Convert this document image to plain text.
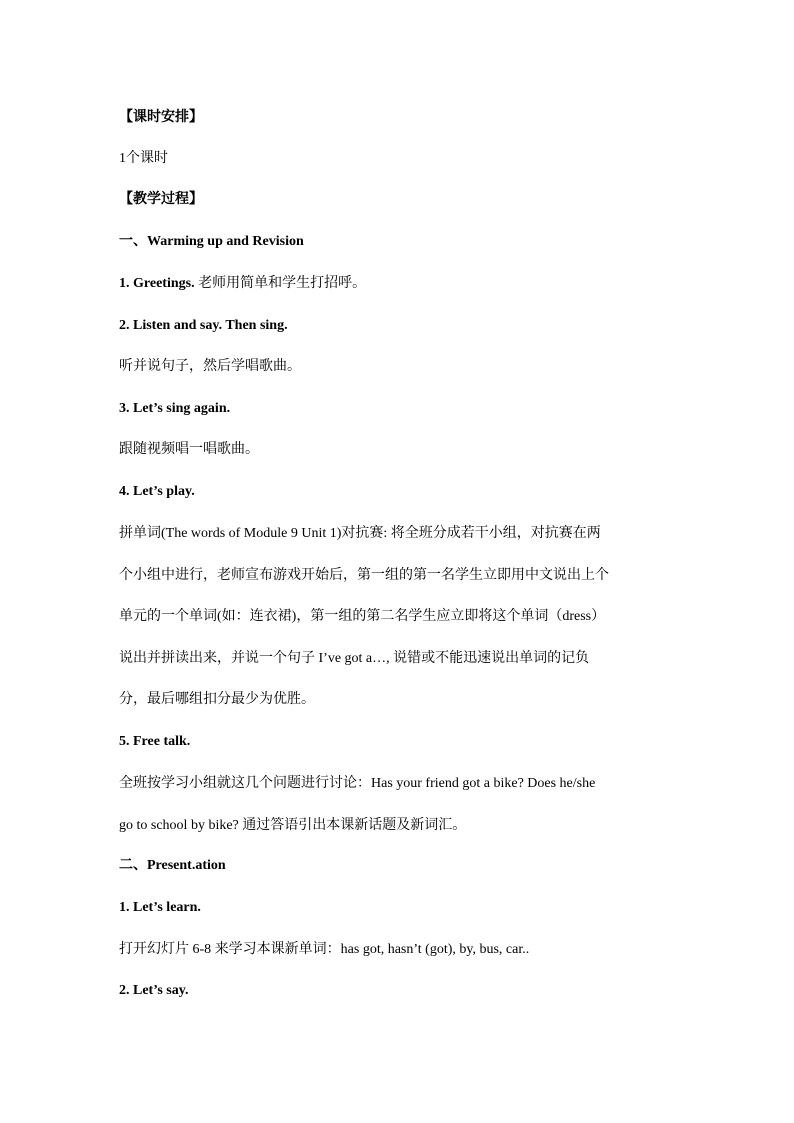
【课时安排】
1个课时
【教学过程】
一、Warming up and Revision
1. Greetings. 老师用简单和学生打招呼。
2. Listen and say. Then sing.
听并说句子，然后学唱歌曲。
3. Let’s sing again.
跟随视频唱一唱歌曲。
4. Let’s play.
拼单词(The words of Module 9 Unit 1)对抗赛: 将全班分成若干小组，对抗赛在两
个小组中进行，老师宣布游戏开始后，第一组的第一名学生立即用中文说出上个
单元的一个单词(如：连衣裙)，第一组的第二名学生应立即将这个单词（dress）
说出并拼读出来，并说一个句子 I’ve got a…, 说错或不能迅速说出单词的记负
分，最后哪组扣分最少为优胜。
5. Free talk.
全班按学习小组就这几个问题进行讨论：Has your friend got a bike? Does he/she
go to school by bike? 通过答语引出本课新话题及新词汇。
二、Present.ation
1. Let’s learn.
打开幻灯片 6-8 来学习本课新单词：has got, hasn’t (got), by, bus, car..
2. Let’s say.
